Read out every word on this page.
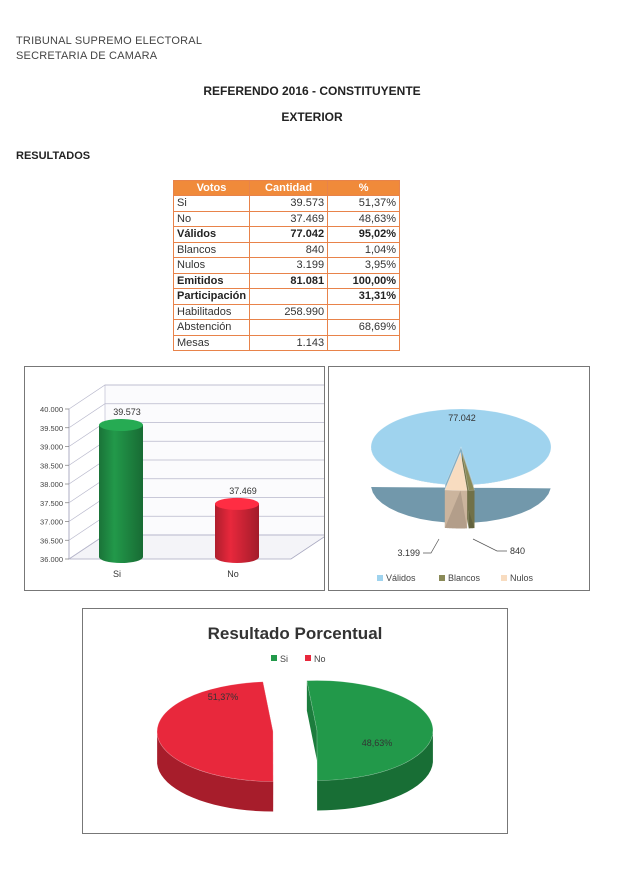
TRIBUNAL SUPREMO ELECTORAL
SECRETARIA DE CAMARA
REFERENDO 2016 - CONSTITUYENTE
EXTERIOR
RESULTADOS
Votos	Cantidad	%
Si	39.573	51,37%
No	37.469	48,63%
Válidos	77.042	95,02%
Blancos	840	1,04%
Nulos	3.199	3,95%
Emitidos	81.081	100,00%
Participación		31,31%
Habilitados	258.990	
Abstención		68,69%
Mesas	1.143	
36.000
36.500
37.000
37.500
38.000
38.500
39.000
39.500
40.000	39.573
Si
37.469
No
77.042
3.199	840
Válidos	Blancos	Nulos
Resultado Porcentual
Si	No
51,37%
48,63%
